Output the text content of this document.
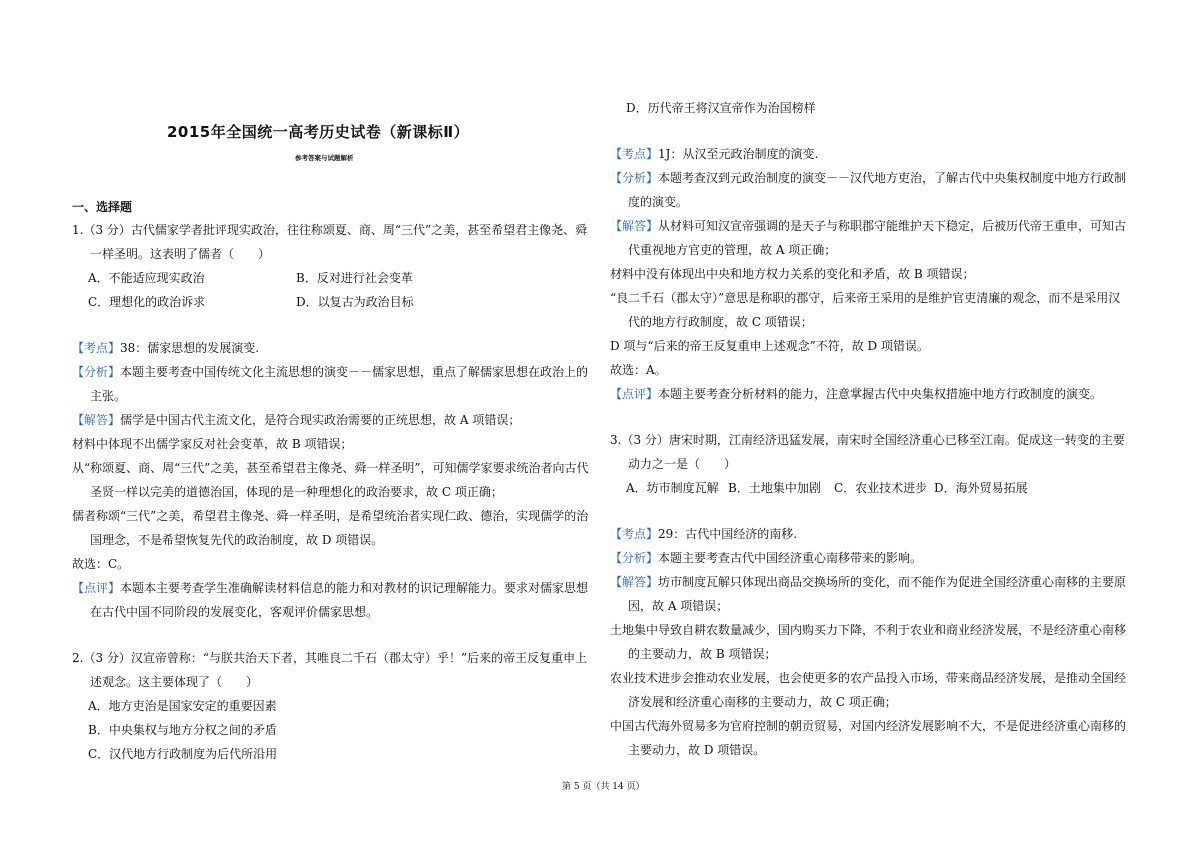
2015年全国统一高考历史试卷（新课标Ⅱ）
参考答案与试题解析
一、选择题
1.（3 分）古代儒家学者批评现实政治，往往称颂夏、商、周“三代”之美，甚至希望君主像尧、舜
一样圣明。这表明了儒者（　　）
A．不能适应现实政治	B．反对进行社会变革
C．理想化的政治诉求	D．以复古为政治目标
【考点】38：儒家思想的发展演变.
【分析】本题主要考查中国传统文化主流思想的演变－－儒家思想，重点了解儒家思想在政治上的
主张。
【解答】儒学是中国古代主流文化，是符合现实政治需要的正统思想，故 A 项错误；
材料中体现不出儒学家反对社会变革，故 B 项错误；
从“称颂夏、商、周“三代”之美，甚至希望君主像尧、舜一样圣明”，可知儒学家要求统治者向古代
圣贤一样以完美的道德治国，体现的是一种理想化的政治要求，故 C 项正确；
儒者称颂“三代”之美，希望君主像尧、舜一样圣明，是希望统治者实现仁政、德治，实现儒学的治
国理念，不是希望恢复先代的政治制度，故 D 项错误。
故选：C。
【点评】本题本主要考查学生准确解读材料信息的能力和对教材的识记理解能力。要求对儒家思想
在古代中国不同阶段的发展变化，客观评价儒家思想。
2.（3 分）汉宣帝曾称：“与朕共治天下者，其唯良二千石（郡太守）乎！”后来的帝王反复重申上
述观念。这主要体现了（　　）
A．地方吏治是国家安定的重要因素
B．中央集权与地方分权之间的矛盾
C．汉代地方行政制度为后代所沿用
D．历代帝王将汉宣帝作为治国榜样
【考点】1J：从汉至元政治制度的演变.
【分析】本题考查汉到元政治制度的演变－－汉代地方吏治，了解古代中央集权制度中地方行政制
度的演变。
【解答】从材料可知汉宣帝强调的是天子与称职郡守能维护天下稳定，后被历代帝王重申，可知古
代重视地方官吏的管理，故 A 项正确；
材料中没有体现出中央和地方权力关系的变化和矛盾，故 B 项错误；
“良二千石（郡太守）”意思是称职的郡守，后来帝王采用的是维护官吏清廉的观念，而不是采用汉
代的地方行政制度，故 C 项错误；
D 项与“后来的帝王反复重申上述观念”不符，故 D 项错误。
故选：A。
【点评】本题主要考查分析材料的能力，注意掌握古代中央集权措施中地方行政制度的演变。
3.（3 分）唐宋时期，江南经济迅猛发展，南宋时全国经济重心已移至江南。促成这一转变的主要
动力之一是（　　）
A．坊市制度瓦解 B．土地集中加剧 C．农业技术进步 D．海外贸易拓展
【考点】29：古代中国经济的南移.
【分析】本题主要考查古代中国经济重心南移带来的影响。
【解答】坊市制度瓦解只体现出商品交换场所的变化，而不能作为促进全国经济重心南移的主要原
因，故 A 项错误；
土地集中导致自耕农数量减少，国内购买力下降，不利于农业和商业经济发展，不是经济重心南移
的主要动力，故 B 项错误；
农业技术进步会推动农业发展，也会使更多的农产品投入市场，带来商品经济发展，是推动全国经
济发展和经济重心南移的主要动力，故 C 项正确；
中国古代海外贸易多为官府控制的朝贡贸易，对国内经济发展影响不大，不是促进经济重心南移的
主要动力，故 D 项错误。
第 5 页（共 14 页）
